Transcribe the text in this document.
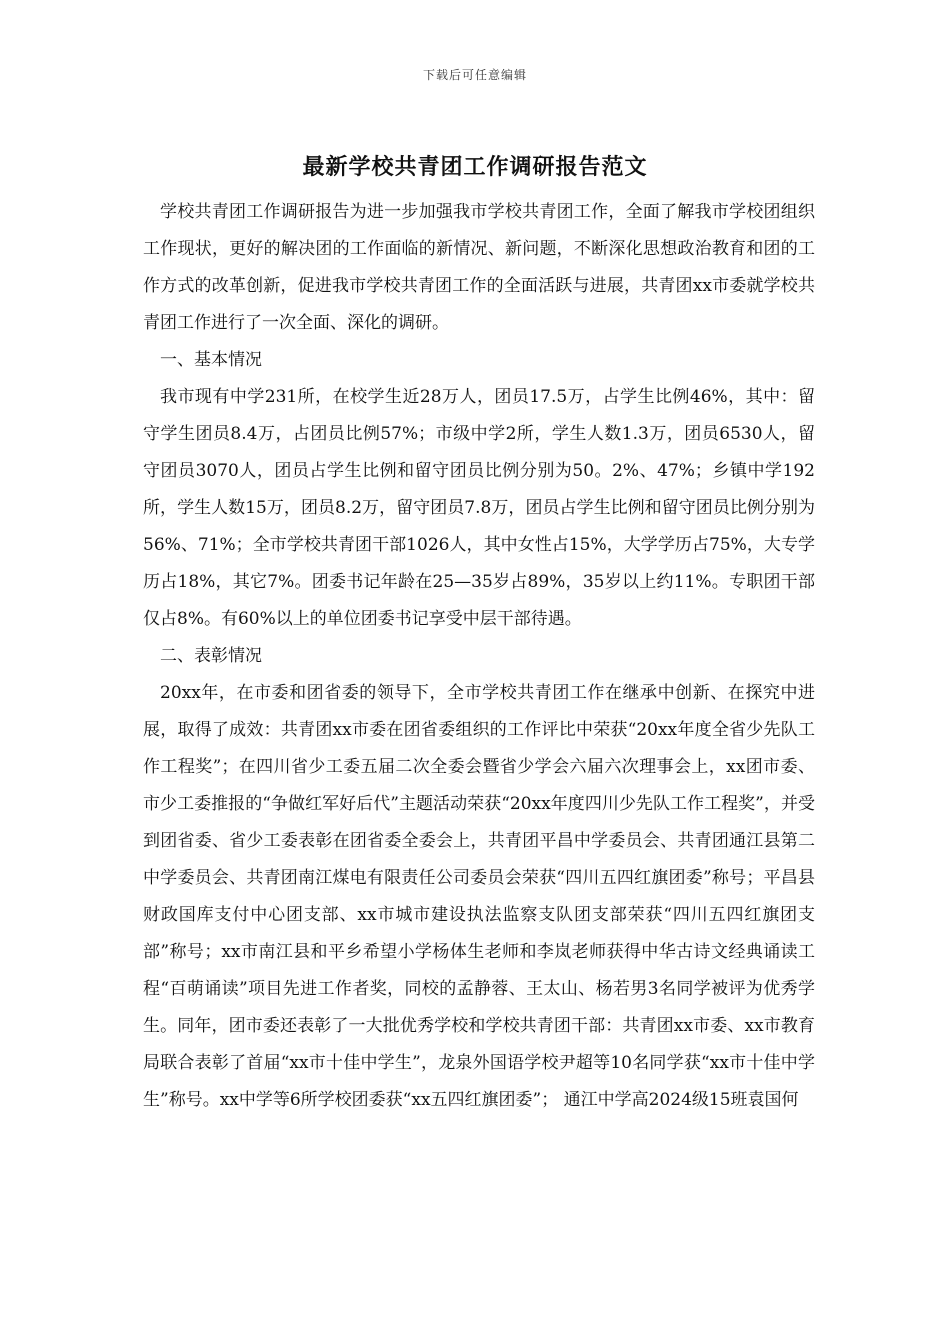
下载后可任意编辑
最新学校共青团工作调研报告范文

学校共青团工作调研报告为进一步加强我市学校共青团工作，全面了解我市学校团组织工作现状，更好的解决团的工作面临的新情况、新问题，不断深化思想政治教育和团的工作方式的改革创新，促进我市学校共青团工作的全面活跃与进展，共青团xx市委就学校共青团工作进行了一次全面、深化的调研。

一、基本情况

我市现有中学231所，在校学生近28万人，团员17.5万，占学生比例46%，其中：留守学生团员8.4万，占团员比例57%；市级中学2所，学生人数1.3万，团员6530人，留守团员3070人，团员占学生比例和留守团员比例分别为50。2%、47%；乡镇中学192所，学生人数15万，团员8.2万，留守团员7.8万，团员占学生比例和留守团员比例分别为56%、71%；全市学校共青团干部1026人，其中女性占15%，大学学历占75%，大专学历占18%，其它7%。团委书记年龄在25—35岁占89%，35岁以上约11%。专职团干部仅占8%。有60%以上的单位团委书记享受中层干部待遇。

二、表彰情况

20xx年，在市委和团省委的领导下，全市学校共青团工作在继承中创新、在探究中进展，取得了成效：共青团xx市委在团省委组织的工作评比中荣获“20xx年度全省少先队工作工程奖”；在四川省少工委五届二次全委会暨省少学会六届六次理事会上，xx团市委、市少工委推报的“争做红军好后代”主题活动荣获“20xx年度四川少先队工作工程奖”，并受到团省委、省少工委表彰在团省委全委会上，共青团平昌中学委员会、共青团通江县第二中学委员会、共青团南江煤电有限责任公司委员会荣获“四川五四红旗团委”称号；平昌县财政国库支付中心团支部、xx市城市建设执法监察支队团支部荣获“四川五四红旗团支部”称号；xx市南江县和平乡希望小学杨体生老师和李岚老师获得中华古诗文经典诵读工程“百萌诵读”项目先进工作者奖，同校的孟静蓉、王太山、杨若男3名同学被评为优秀学生。同年，团市委还表彰了一大批优秀学校和学校共青团干部：共青团xx市委、xx市教育局联合表彰了首届“xx市十佳中学生”，龙泉外国语学校尹超等10名同学获“xx市十佳中学生”称号。xx中学等6所学校团委获“xx五四红旗团委”； 通江中学高2024级15班袁国何
